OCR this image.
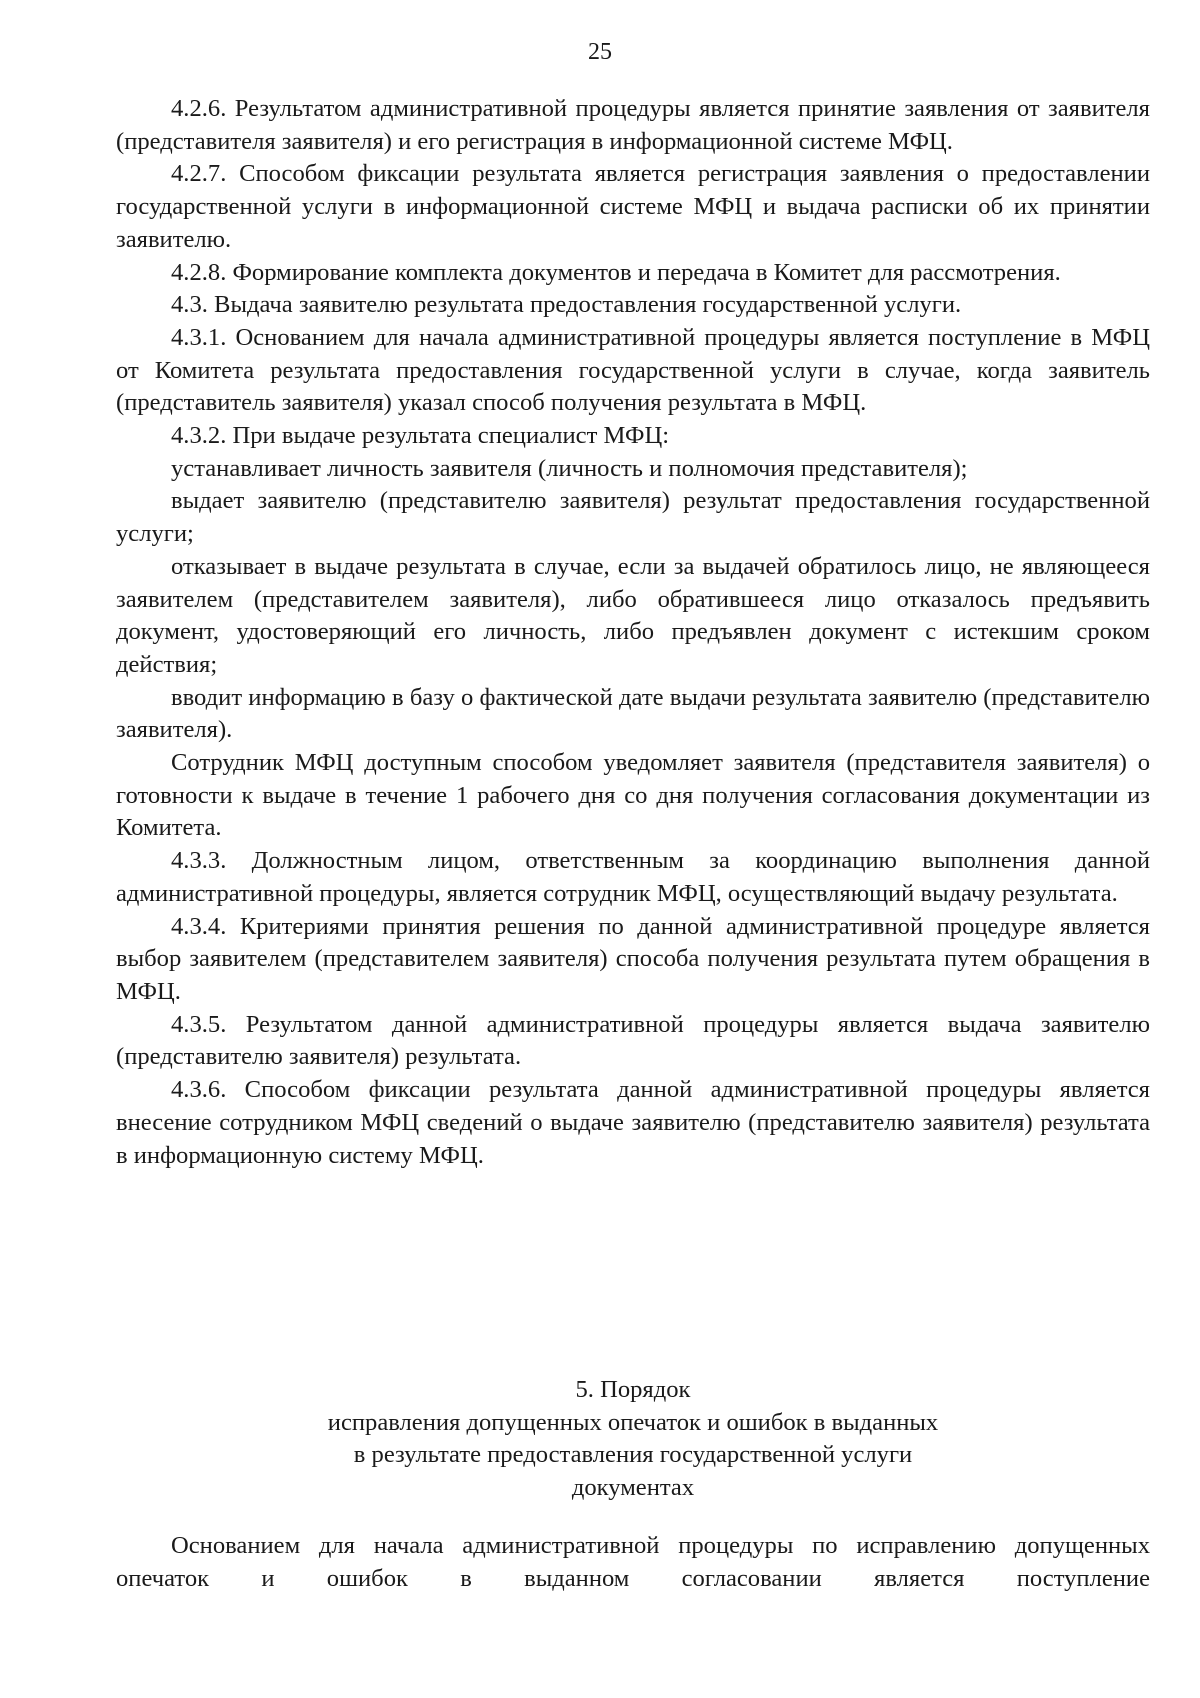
25

4.2.6. Результатом административной процедуры является принятие заявления от заявителя (представителя заявителя) и его регистрация в информационной системе МФЦ.

4.2.7. Способом фиксации результата является регистрация заявления о предоставлении государственной услуги в информационной системе МФЦ и выдача расписки об их принятии заявителю.

4.2.8. Формирование комплекта документов и передача в Комитет для рассмотрения.

4.3. Выдача заявителю результата предоставления государственной услуги.

4.3.1. Основанием для начала административной процедуры является поступление в МФЦ от Комитета результата предоставления государственной услуги в случае, когда заявитель (представитель заявителя) указал способ получения результата в МФЦ.

4.3.2. При выдаче результата специалист МФЦ:

устанавливает личность заявителя (личность и полномочия представителя);

выдает заявителю (представителю заявителя) результат предоставления государственной услуги;

отказывает в выдаче результата в случае, если за выдачей обратилось лицо, не являющееся заявителем (представителем заявителя), либо обратившееся лицо отказалось предъявить документ, удостоверяющий его личность, либо предъявлен документ с истекшим сроком действия;

вводит информацию в базу о фактической дате выдачи результата заявителю (представителю заявителя).

Сотрудник МФЦ доступным способом уведомляет заявителя (представителя заявителя) о готовности к выдаче в течение 1 рабочего дня со дня получения согласования документации из Комитета.

4.3.3. Должностным лицом, ответственным за координацию выполнения данной административной процедуры, является сотрудник МФЦ, осуществляющий выдачу результата.

4.3.4. Критериями принятия решения по данной административной процедуре является выбор заявителем (представителем заявителя) способа получения результата путем обращения в МФЦ.

4.3.5. Результатом данной административной процедуры является выдача заявителю (представителю заявителя) результата.

4.3.6. Способом фиксации результата данной административной процедуры является внесение сотрудником МФЦ сведений о выдаче заявителю (представителю заявителя) результата в информационную систему МФЦ.

5. Порядок
исправления допущенных опечаток и ошибок в выданных
в результате предоставления государственной услуги
документах

Основанием для начала административной процедуры по исправлению допущенных опечаток и ошибок в выданном согласовании является поступление
